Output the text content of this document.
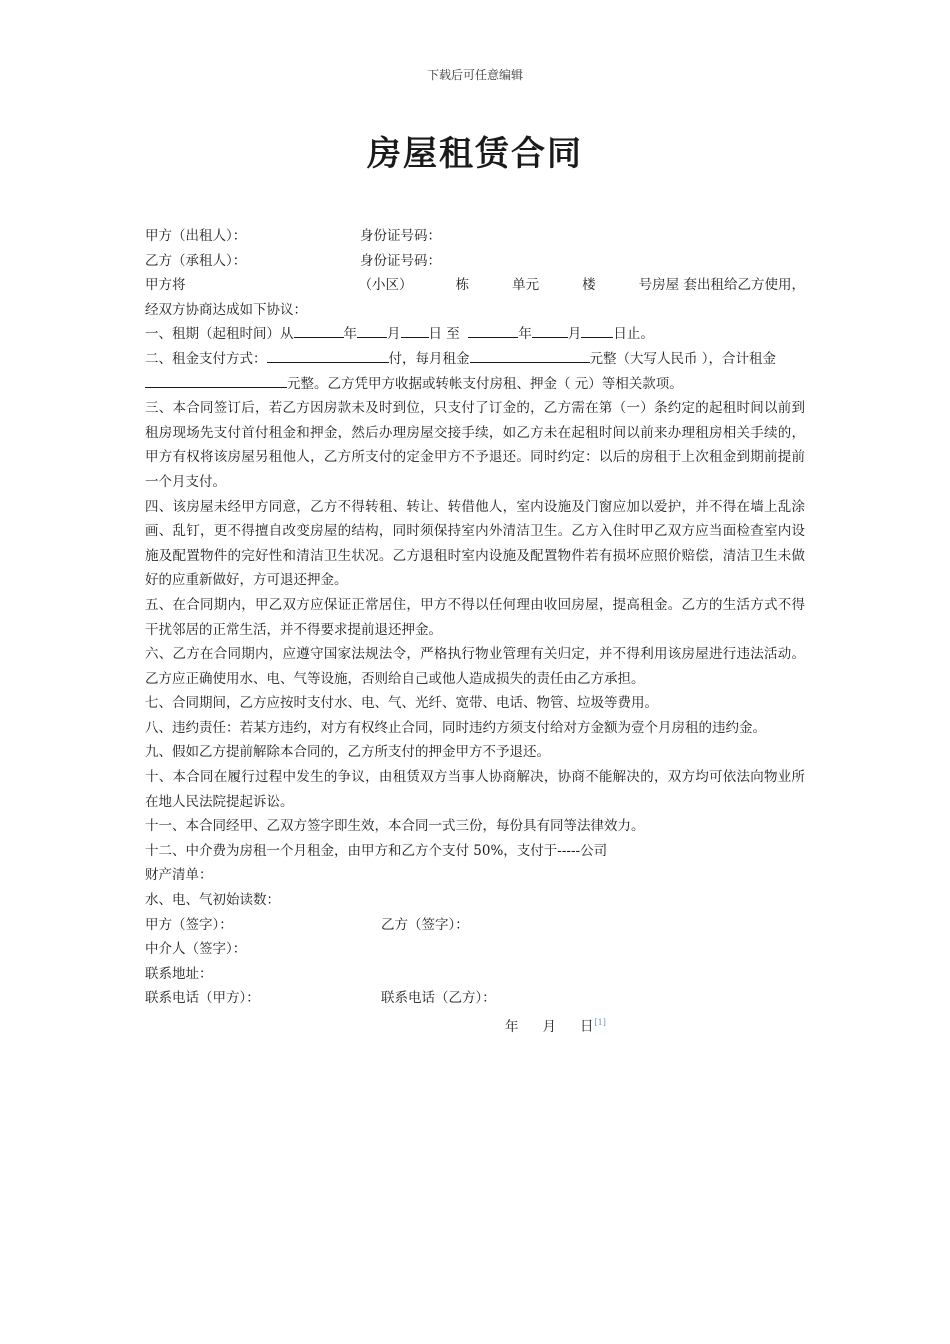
下载后可任意编辑
房屋租赁合同
甲方（出租人）：	身份证号码：
乙方（承租人）：	身份证号码：
甲方将	（小区）	栋	单元	楼	号房屋 套出租给乙方使用，
经双方协商达成如下协议：
一、租期（起租时间）从	年 月 日 至	年	月 日止。
二、租金支付方式：	付，每月租金	元整（大写人民币 ），合计租金
元整。乙方凭甲方收据或转帐支付房租、押金（ 元）等相关款项。
三、本合同签订后，若乙方因房款未及时到位，只支付了订金的，乙方需在第（一）条约定的起租时间以前到租房现场先支付首付租金和押金，然后办理房屋交接手续，如乙方未在起租时间以前来办理租房相关手续的，甲方有权将该房屋另租他人，乙方所支付的定金甲方不予退还。同时约定：以后的房租于上次租金到期前提前一个月支付。
四、该房屋未经甲方同意，乙方不得转租、转让、转借他人，室内设施及门窗应加以爱护，并不得在墙上乱涂画、乱钉，更不得擅自改变房屋的结构，同时须保持室内外清洁卫生。乙方入住时甲乙双方应当面检查室内设施及配置物件的完好性和清洁卫生状况。乙方退租时室内设施及配置物件若有损坏应照价赔偿，清洁卫生未做好的应重新做好，方可退还押金。
五、在合同期内，甲乙双方应保证正常居住，甲方不得以任何理由收回房屋，提高租金。乙方的生活方式不得干扰邻居的正常生活，并不得要求提前退还押金。
六、乙方在合同期内，应遵守国家法规法令，严格执行物业管理有关归定，并不得利用该房屋进行违法活动。乙方应正确使用水、电、气等设施，否则给自己或他人造成损失的责任由乙方承担。
七、合同期间，乙方应按时支付水、电、气、光纤、宽带、电话、物管、垃圾等费用。
八、违约责任：若某方违约，对方有权终止合同，同时违约方须支付给对方金额为壹个月房租的违约金。
九、假如乙方提前解除本合同的，乙方所支付的押金甲方不予退还。
十、本合同在履行过程中发生的争议，由租赁双方当事人协商解决，协商不能解决的，双方均可依法向物业所在地人民法院提起诉讼。
十一、本合同经甲、乙双方签字即生效，本合同一式三份，每份具有同等法律效力。
十二、中介费为房租一个月租金，由甲方和乙方个支付 50%，支付于-----公司
财产清单：
水、电、气初始读数：
甲方（签字）：	乙方（签字）：
中介人（签字）：
联系地址：
联系电话（甲方）：	联系电话（乙方）：
年 月 日[1]
